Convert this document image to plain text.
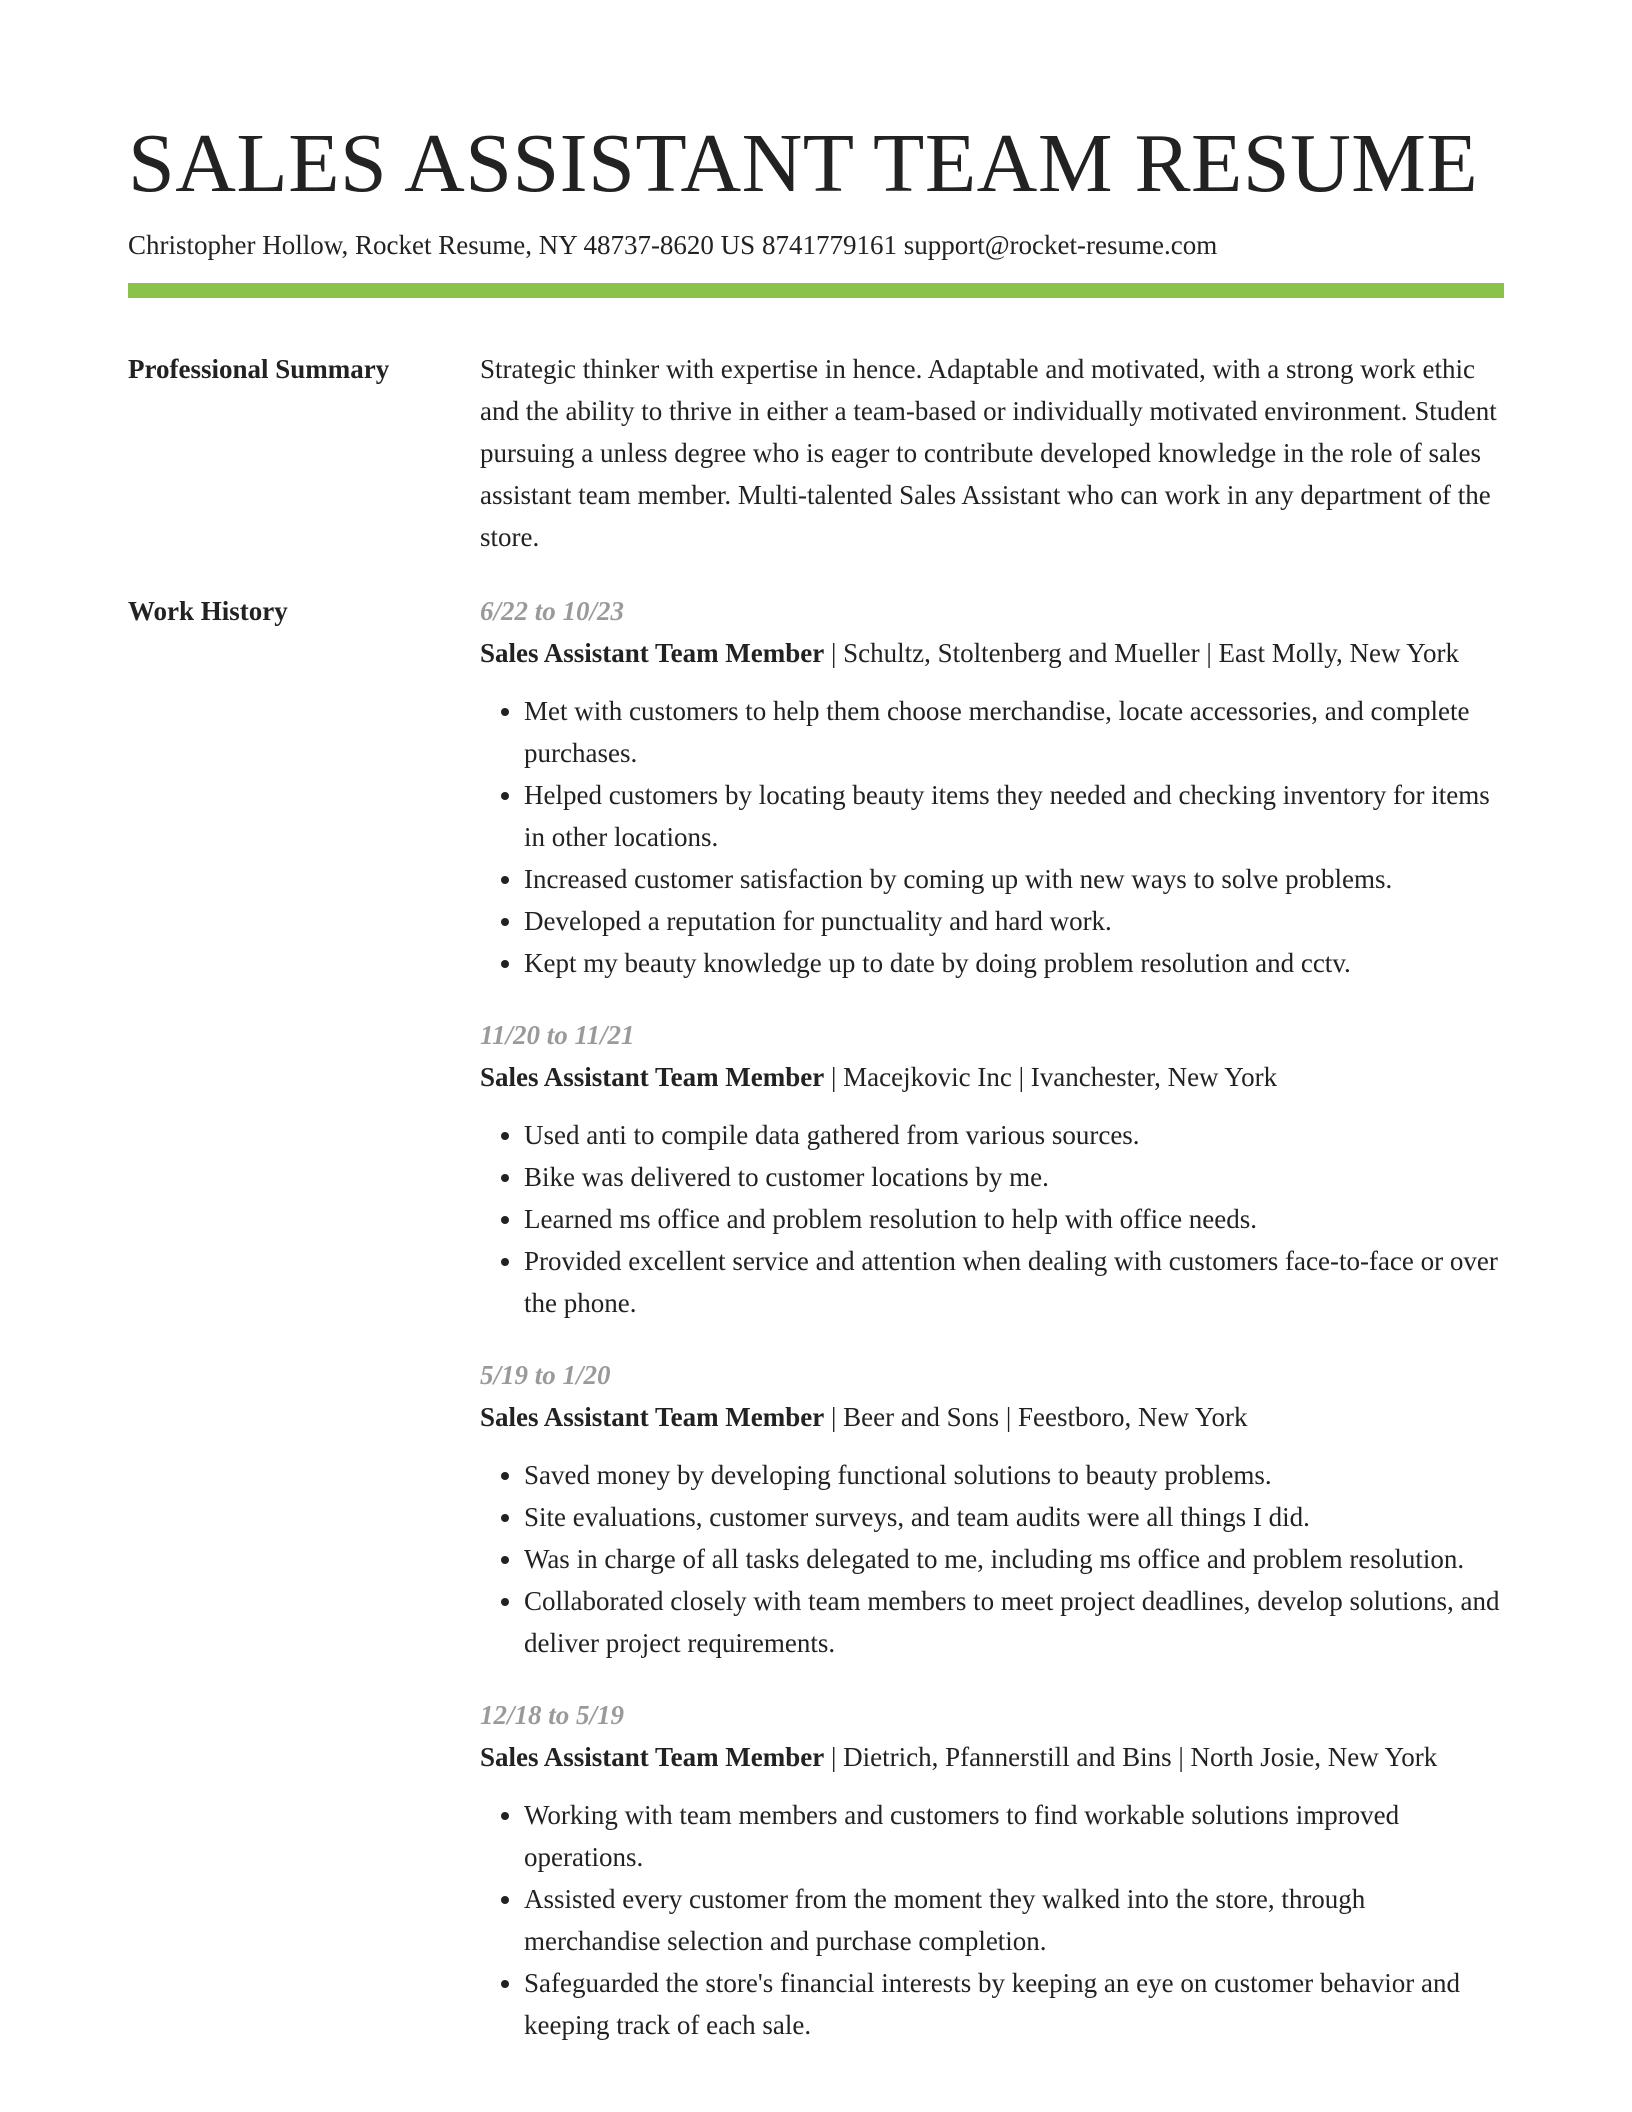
SALES ASSISTANT TEAM RESUME
Christopher Hollow, Rocket Resume, NY 48737-8620 US 8741779161 support@rocket-resume.com
Professional Summary	Strategic thinker with expertise in hence. Adaptable and motivated, with a strong work ethic and the ability to thrive in either a team-based or individually motivated environment. Student pursuing a unless degree who is eager to contribute developed knowledge in the role of sales assistant team member. Multi-talented Sales Assistant who can work in any department of the store.

Work History	6/22 to 10/23
Sales Assistant Team Member | Schultz, Stoltenberg and Mueller | East Molly, New York
• Met with customers to help them choose merchandise, locate accessories, and complete purchases.
• Helped customers by locating beauty items they needed and checking inventory for items in other locations.
• Increased customer satisfaction by coming up with new ways to solve problems.
• Developed a reputation for punctuality and hard work.
• Kept my beauty knowledge up to date by doing problem resolution and cctv.
11/20 to 11/21
Sales Assistant Team Member | Macejkovic Inc | Ivanchester, New York
• Used anti to compile data gathered from various sources.
• Bike was delivered to customer locations by me.
• Learned ms office and problem resolution to help with office needs.
• Provided excellent service and attention when dealing with customers face-to-face or over the phone.
5/19 to 1/20
Sales Assistant Team Member | Beer and Sons | Feestboro, New York
• Saved money by developing functional solutions to beauty problems.
• Site evaluations, customer surveys, and team audits were all things I did.
• Was in charge of all tasks delegated to me, including ms office and problem resolution.
• Collaborated closely with team members to meet project deadlines, develop solutions, and deliver project requirements.
12/18 to 5/19
Sales Assistant Team Member | Dietrich, Pfannerstill and Bins | North Josie, New York
• Working with team members and customers to find workable solutions improved operations.
• Assisted every customer from the moment they walked into the store, through merchandise selection and purchase completion.
• Safeguarded the store's financial interests by keeping an eye on customer behavior and keeping track of each sale.
